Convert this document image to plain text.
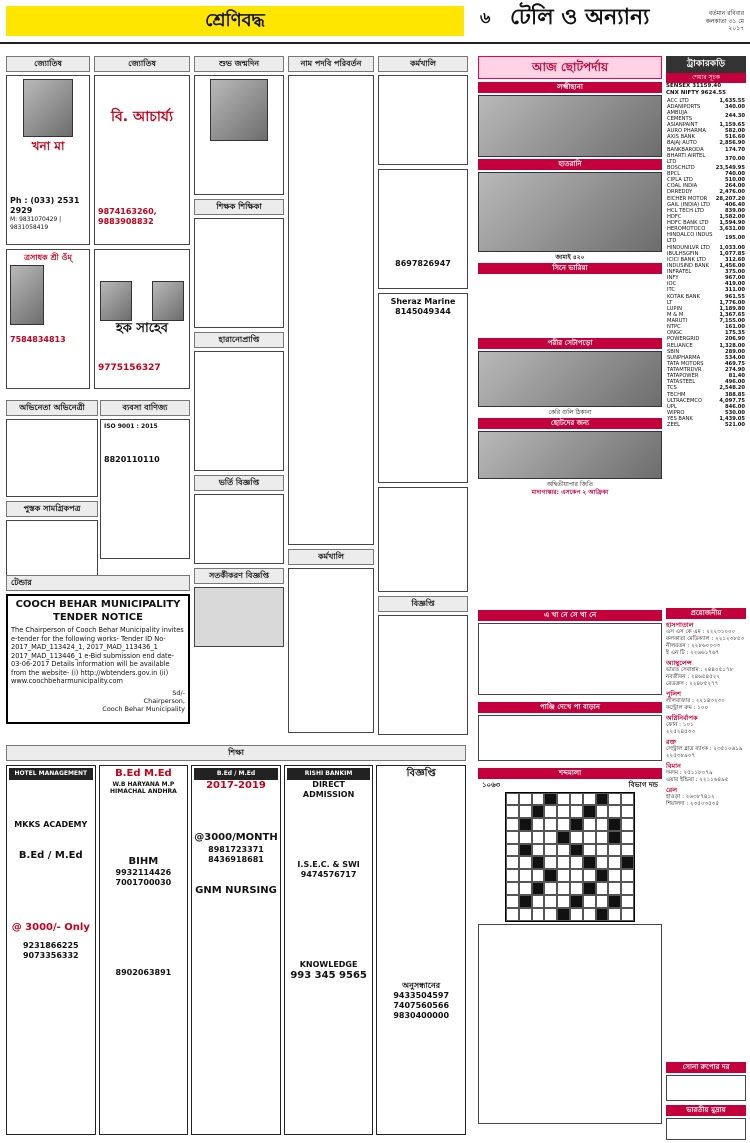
শ্রেণিবদ্ধ	৬ টেলি ও অন্যান্য	বর্তমান রবিবার
কলকাতা ৩১ মে
২০১৭
জ্যোতিষ
খনা মা
Ph : (033) 2531 2929
M: 9831070429 | 9831058419
ত্রসাধক শ্রী ওঁম্
7584834813
জ্যোতিষ
বি. আচার্য্য
9874163260, 9883908832
হক সাহেব
9775156327
শুভ জন্মদিন
শিক্ষক শিক্ষিকা
হারানোপ্রাপ্তি
ভর্তি বিজ্ঞপ্তি
সতর্কীকরণ বিজ্ঞপ্তি
নাম পদবি পরিবর্তন
কর্মখালি
কর্মখালি
8697826947
Sheraz Marine
8145049344
বিজ্ঞপ্তি
অভিনেতা অভিনেত্রী
পুস্তক সামগ্রিকপত্র
ব্যবসা বাণিজ্য
ISO 9001 : 2015
8820110110
টেন্ডার
COOCH BEHAR MUNICIPALITY
TENDER NOTICE
The Chairperson of Cooch Behar Municipality invites e-tender for the following works- Tender ID No- 2017_MAD_113424_1, 2017_MAD_113436_1 2017_MAD_113446_1 e-Bid submission end date- 03-06-2017 Details information will be available from the website- (i) http://wbtenders.gov.in (ii) www.coochbeharmunicipality.com
Sd/-
Chairperson,
Cooch Behar Municipality
শিক্ষা
HOTEL MANAGEMENT
MKKS ACADEMY
B.Ed / M.Ed
@ 3000/- Only
9231866225
9073356332
B.Ed M.Ed
W.B HARYANA M.P HIMACHAL ANDHRA
BIHM
9932114426
7001700030
8902063891
B.Ed / M.Ed
2017-2019
@3000/MONTH
8981723371
8436918681
GNM NURSING
RISHI BANKIM
DIRECT ADMISSION
I.S.E.C. & SWI
9474576717
KNOWLEDGE
993 345 9565
বিজ্ঞপ্তি
অনুসন্ধানের
9433504597
7407560566
9830400000
আজ ছোটপর্দায়
লক্ষ্মীছানা
হাতরানি
জামাই ৪২০
সিনে ভারিয়া
পরীর সেটাপড়ো
কেরি গুলি ঠিকানা
ছোটদের জন্য
অদ্বিতীয়াপার জিতি
মাদাগাস্কার: এসকেপ ২ আফ্রিকা
ট্রাকারকড়ি
শেয়ার সূচক
SENSEX 31159.40
CNX NIFTY 9624.55
ACC LTD	1,635.55
ADANIPORTS	340.00
AMBUJA CEMENTS	244.30
ASIANPAINT	1,159.65
AURO PHARMA	582.00
AXIS BANK	516.60
BAJAJ AUTO	2,856.90
BANKBARODA	174.70
BHARTI AIRTEL LTD	370.00
BOSCHLTD	23,549.95
BPCL	740.00
CIPLA LTD	510.00
COAL INDIA	264.00
DRREDDY	2,476.00
EICHER MOTOR	28,207.20
GAIL (INDIA) LTD	406.40
HCL TECH LTD	839.00
HDFC	1,582.00
HDFC BANK LTD	1,594.90
HEROMOTOCO	3,631.00
HINDALCO INDUS LTD	195.00
HINDUNILVR LTD	1,033.00
IBULHSGFIN	1,077.85
ICICI BANK LTD	312.60
INDUSIND BANK	1,456.00
INFRATEL	375.00
INFY	967.00
IOC	419.00
ITC	311.00
KOTAK BANK	961.55
LT	1,776.00
LUPIN	1,189.80
M & M	1,367.65
MARUTI	7,155.00
NTPC	161.00
ONGC	175.35
POWERGRID	206.90
RELIANCE	1,328.00
SBIN	289.00
SUNPHARMA	534.00
TATA MOTORS	469.75
TATAMTRDVR	274.90
TATAPOWER	81.40
TATASTEEL	496.00
TCS	2,548.20
TECHM	388.85
ULTRACEMCO	4,097.75
UPL	846.00
WIPRO	530.00
YES BANK	1,439.05
ZEEL	521.00
প্রয়োজনীয়
হাসপাতাল
এস এস কে এম : ২২২৩১০০০
কলকাতা মেডিক্যাল : ২২১২৩৮৫৩
নীলরতন : ২২৮৬০০৩৩
ই এন টি : ২২৬৬১৭৬৭
অ্যাম্বুলেন্স
ভারত সেবাশ্রম : ২৪৪০৫১৭৮
নবজীবন : ২৪৬৫৪৫২২
রেডক্রস : ২২৪৮৫২৭৭
পুলিশ
লালবাজার : ২২১৪৩২৩০
কন্ট্রোল রুম : ১০০
অগ্নিনির্বাপক
ফোন : ১০১
২২৫২৪৫৩৩
রক্ত
সেন্ট্রাল ব্লাড ব্যাংক : ২৩৫১০৬১৯
২২৫৩৮৯০৭
বিমান
দমদম : ২৫১১৮০৭৯
এয়ার ইন্ডিয়া : ২২১১৬৪৯৫
রেল
হাওড়া : ২৬৩৮৭৪১২
শিয়ালদা : ২৩৫০৩৫৩৫
সোনা রুপোর দর
ভারতীয় মুদ্রায়
এ খা নে সে খা নে
পাঞ্জি দেখে পা বাড়ান
শব্দমালা
১০৬৩	বিভাগ দন্ড
